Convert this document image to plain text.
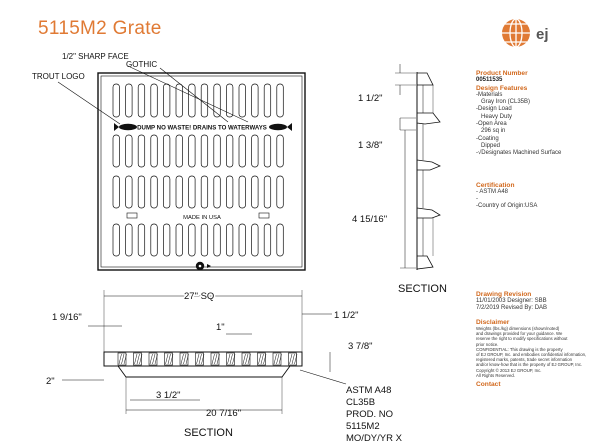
5115M2 Grate	ej
DUMP NO WASTE! DRAINS TO WATERWAYS
MADE IN USA
1/2" SHARP FACE
GOTHIC
TROUT LOGO
1 1/2"
1 3/8"
4 15/16"
SECTION
27" SQ
1 9/16"
1"
1 1/2"
3 7/8"
2"
3 1/2"
20 7/16"
ASTM A48
CL35B
PROD. NO
5115M2
MO/DY/YR X
SECTION
Product Number
00511535
Design Features
-Materials
Gray Iron (CL35B)
-Design Load
Heavy Duty
-Open Area
296 sq in
-Coating
Dipped
-√Designates Machined Surface
Certification
- ASTM A48
-
-Country of Origin:USA
Drawing Revision
11/01/2003 Designer: SBB
7/2/2019 Revised By: DAB
Disclaimer
Weights (lbs./kg) dimensions (shown/noted)
and drawings provided for your guidance. We
reserve the right to modify specifications without
prior notice.
CONFIDENTIAL: This drawing is the property
of EJ GROUP, Inc. and embodies confidential information,
registered marks, patents, trade secret information
and/or know-how that is the property of EJ GROUP, Inc.
Copyright © 2013 EJ GROUP, Inc.
All Rights Reserved.
Contact
